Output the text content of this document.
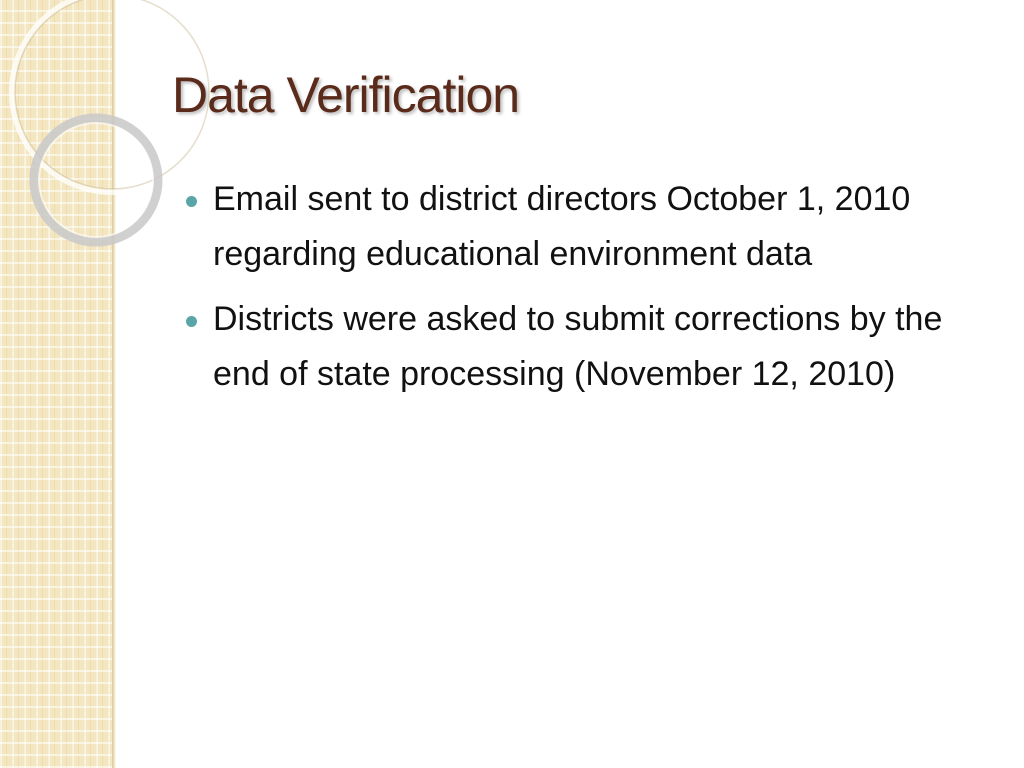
Data Verification
Email sent to district directors October 1, 2010 regarding educational environment data
Districts were asked to submit corrections by the end of state processing (November 12, 2010)
